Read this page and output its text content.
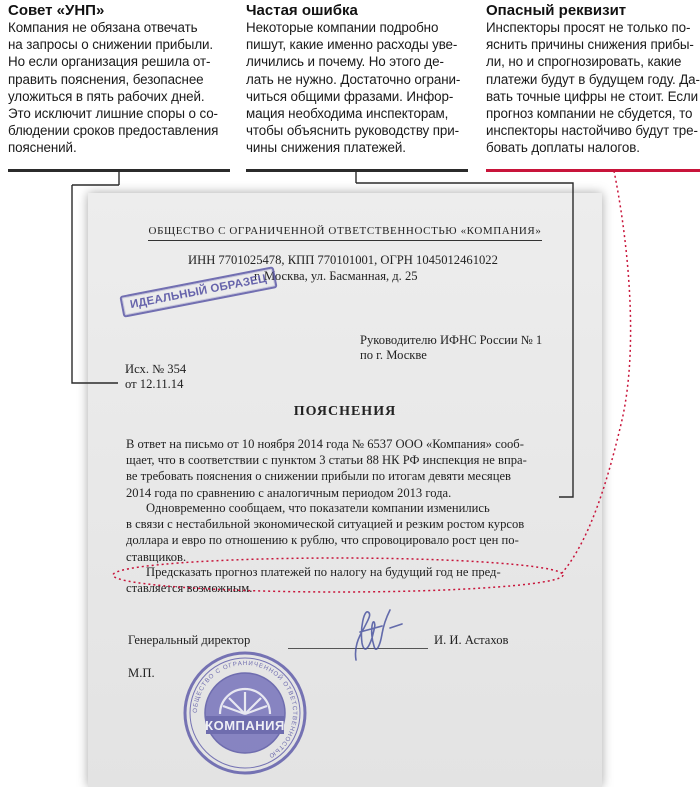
Совет «УНП»
Компания не обязана отвечать
на запросы о снижении прибыли.
Но если организация решила от-
править пояснения, безопаснее
уложиться в пять рабочих дней.
Это исключит лишние споры о со-
блюдении сроков предоставления
пояснений.
Частая ошибка
Некоторые компании подробно
пишут, какие именно расходы уве-
личились и почему. Но этого де-
лать не нужно. Достаточно ограни-
читься общими фразами. Инфор-
мация необходима инспекторам,
чтобы объяснить руководству при-
чины снижения платежей.
Опасный реквизит
Инспекторы просят не только по-
яснить причины снижения прибы-
ли, но и спрогнозировать, какие
платежи будут в будущем году. Да-
вать точные цифры не стоит. Если
прогноз компании не сбудется, то
инспекторы настойчиво будут тре-
бовать доплаты налогов.
ОБЩЕСТВО С ОГРАНИЧЕННОЙ ОТВЕТСТВЕННОСТЬЮ «КОМПАНИЯ»
ИНН 7701025478, КПП 770101001, ОГРН 1045012461022
г. Москва, ул. Басманная, д. 25
ИДЕАЛЬНЫЙ ОБРАЗЕЦ
Руководителю ИФНС России № 1
по г. Москве
Исх. № 354
от 12.11.14
ПОЯСНЕНИЯ
В ответ на письмо от 10 ноября 2014 года № 6537 ООО «Компания» сооб-
щает, что в соответствии с пунктом 3 статьи 88 НК РФ инспекция не впра-
ве требовать пояснения о снижении прибыли по итогам девяти месяцев
2014 года по сравнению с аналогичным периодом 2013 года.
Одновременно сообщаем, что показатели компании изменились
в связи с нестабильной экономической ситуацией и резким ростом курсов
доллара и евро по отношению к рублю, что спровоцировало рост цен по-
ставщиков.
Предсказать прогноз платежей по налогу на будущий год не пред-
ставляется возможным.
Генеральный директор	И. И. Астахов
М.П.
КОМПАНИЯ
ОБЩЕСТВО С ОГРАНИЧЕННОЙ ОТВЕТСТВЕННОСТЬЮ
